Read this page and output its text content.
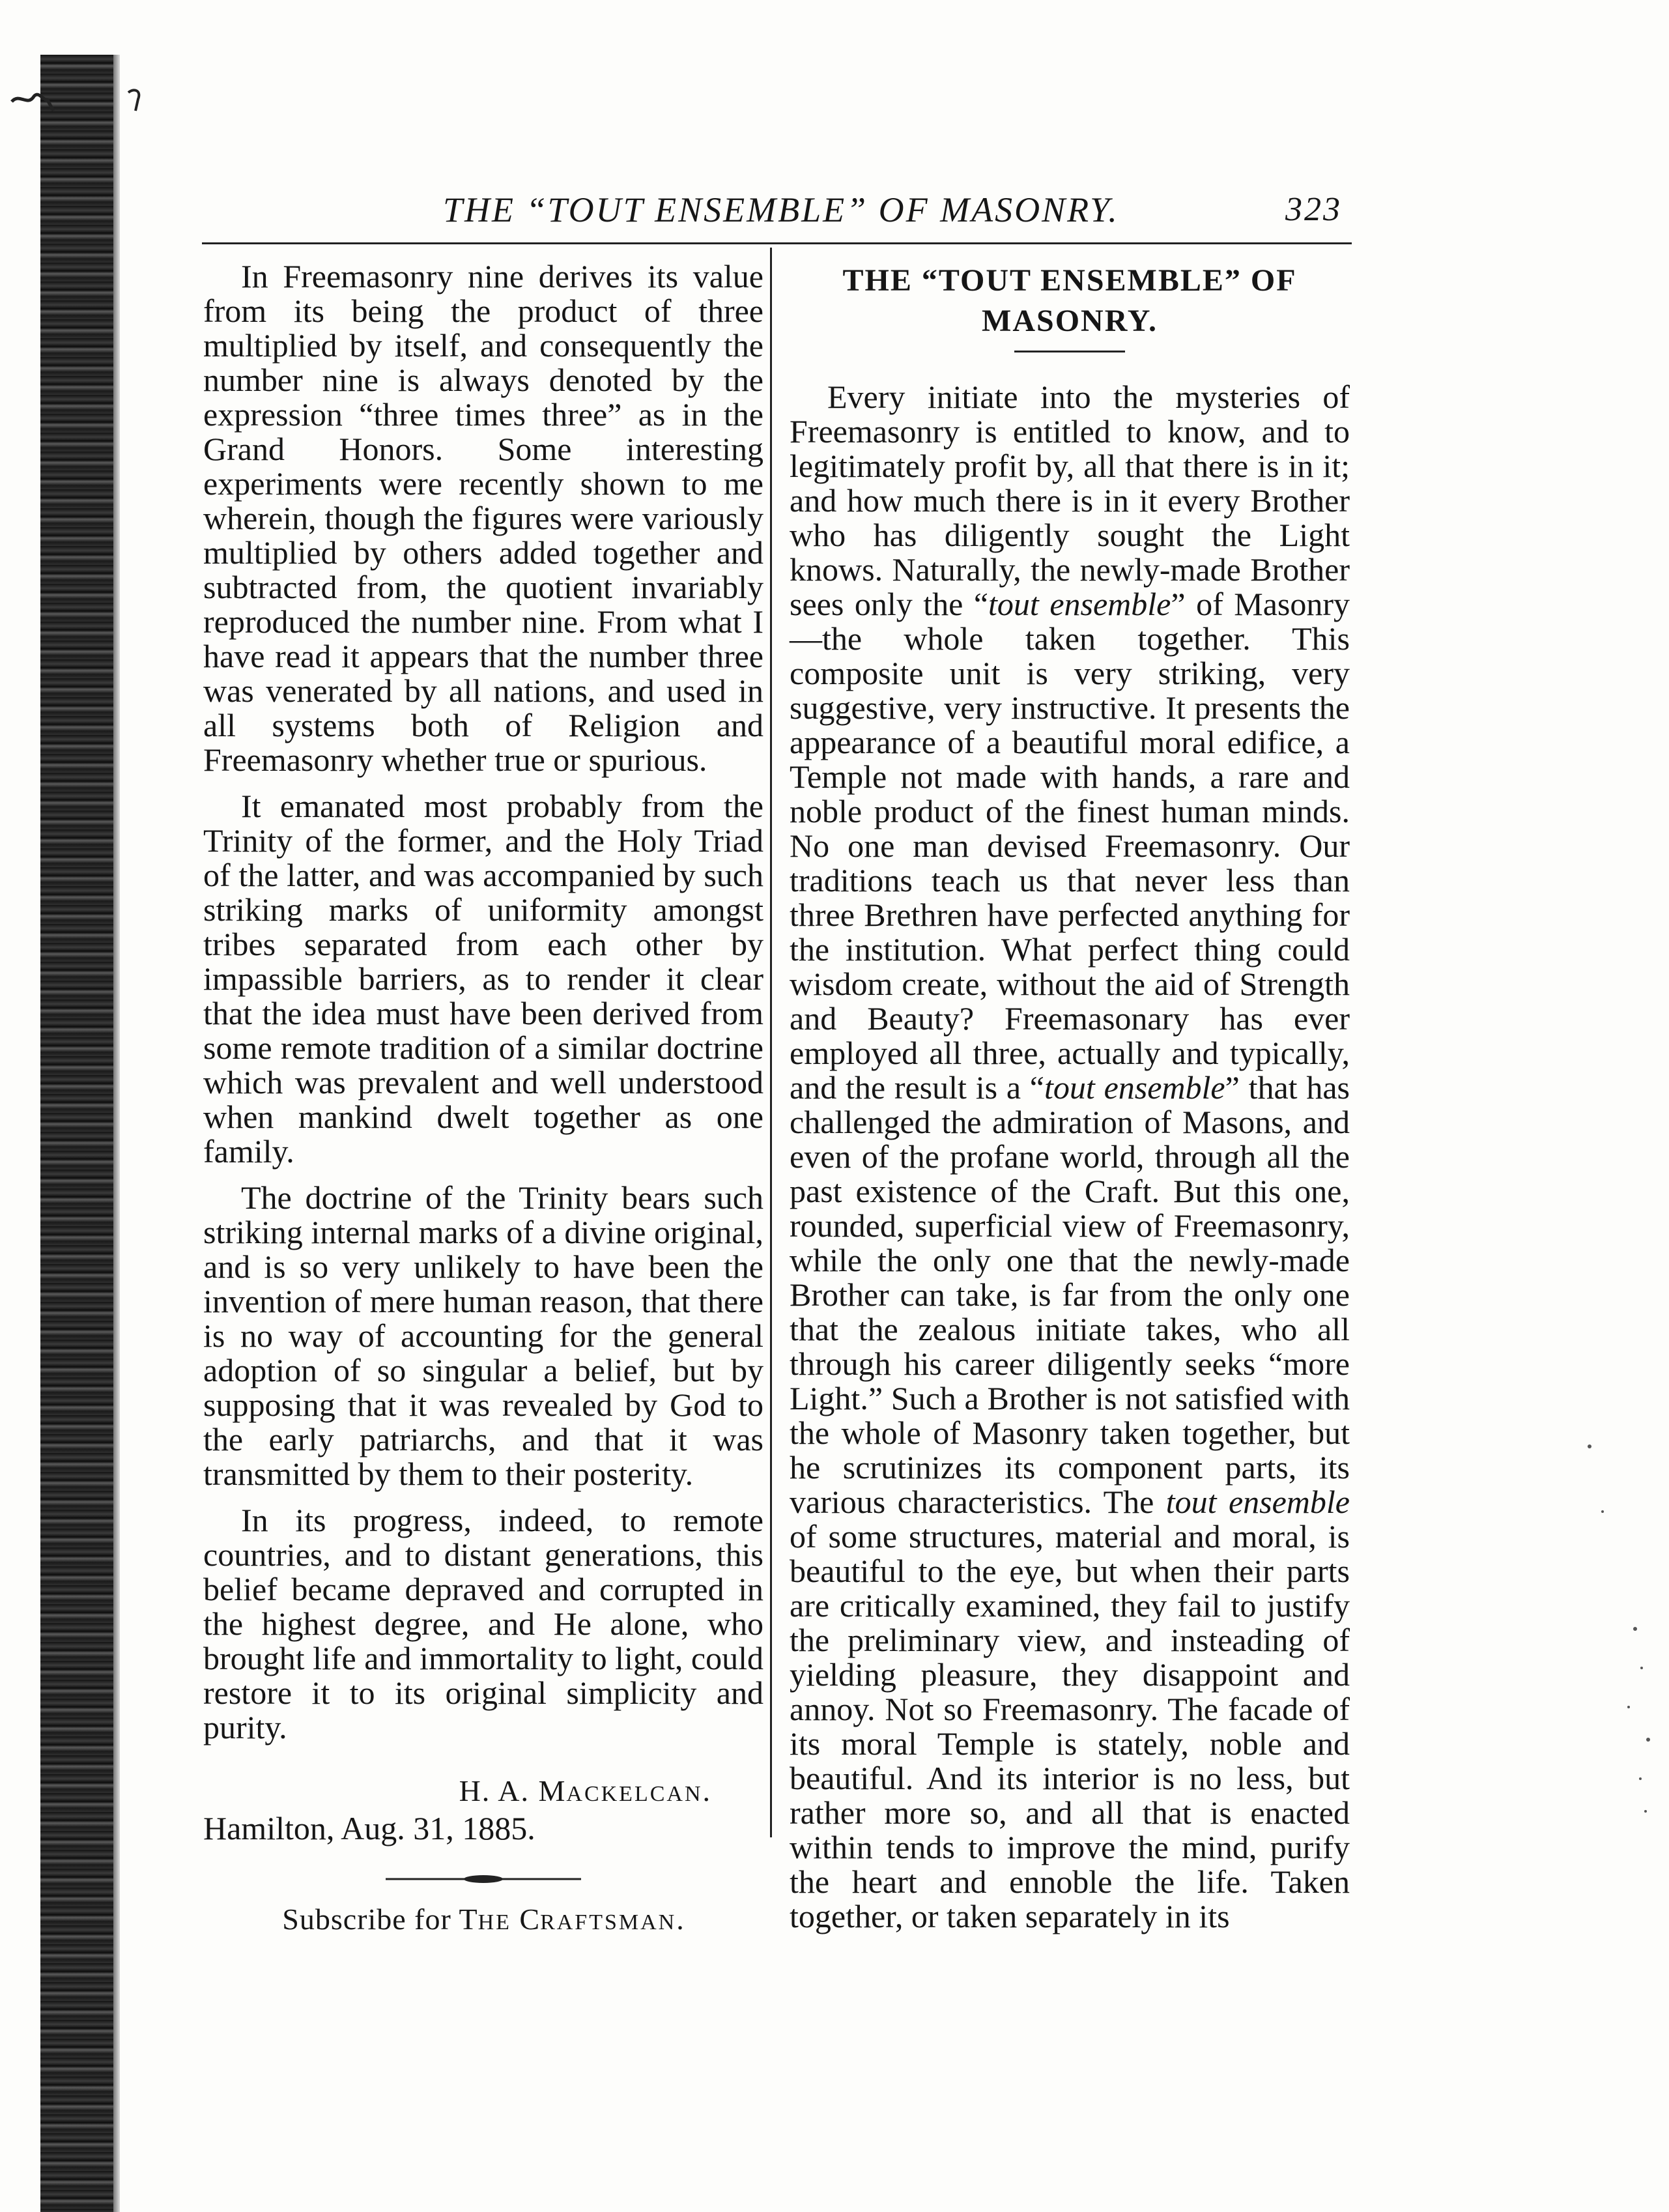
THE “TOUT ENSEMBLE” OF MASONRY.	323

In Freemasonry nine derives its value from its being the product of three multiplied by itself, and consequently the number nine is always denoted by the expression “three times three” as in the Grand Honors. Some interesting experiments were recently shown to me wherein, though the figures were variously multiplied by others added together and subtracted from, the quotient invariably reproduced the number nine. From what I have read it appears that the number three was venerated by all nations, and used in all systems both of Religion and Freemasonry whether true or spurious.

It emanated most probably from the Trinity of the former, and the Holy Triad of the latter, and was accompanied by such striking marks of uniformity amongst tribes separated from each other by impassible barriers, as to render it clear that the idea must have been derived from some remote tradition of a similar doctrine which was prevalent and well understood when mankind dwelt together as one family.

The doctrine of the Trinity bears such striking internal marks of a divine original, and is so very unlikely to have been the invention of mere human reason, that there is no way of accounting for the general adoption of so singular a belief, but by supposing that it was revealed by God to the early patriarchs, and that it was transmitted by them to their posterity.

In its progress, indeed, to remote countries, and to distant generations, this belief became depraved and corrupted in the highest degree, and He alone, who brought life and immortality to light, could restore it to its original simplicity and purity.

H. A. MACKELCAN.

Hamilton, Aug. 31, 1885.

Subscribe for THE CRAFTSMAN.
THE “TOUT ENSEMBLE” OF
MASONRY.

Every initiate into the mysteries of Freemasonry is entitled to know, and to legitimately profit by, all that there is in it; and how much there is in it every Brother who has diligently sought the Light knows. Naturally, the newly-made Brother sees only the “tout ensemble” of Masonry—the whole taken together. This composite unit is very striking, very suggestive, very instructive. It presents the appearance of a beautiful moral edifice, a Temple not made with hands, a rare and noble product of the finest human minds. No one man devised Freemasonry. Our traditions teach us that never less than three Brethren have perfected anything for the institution. What perfect thing could wisdom create, without the aid of Strength and Beauty? Freemasonary has ever employed all three, actually and typically, and the result is a “tout ensemble” that has challenged the admiration of Masons, and even of the profane world, through all the past existence of the Craft. But this one, rounded, superficial view of Freemasonry, while the only one that the newly-made Brother can take, is far from the only one that the zealous initiate takes, who all through his career diligently seeks “more Light.” Such a Brother is not satisfied with the whole of Masonry taken together, but he scrutinizes its component parts, its various characteristics. The tout ensemble of some structures, material and moral, is beautiful to the eye, but when their parts are critically examined, they fail to justify the preliminary view, and insteading of yielding pleasure, they disappoint and annoy. Not so Freemasonry. The facade of its moral Temple is stately, noble and beautiful. And its interior is no less, but rather more so, and all that is enacted within tends to improve the mind, purify the heart and ennoble the life. Taken together, or taken separately in its
